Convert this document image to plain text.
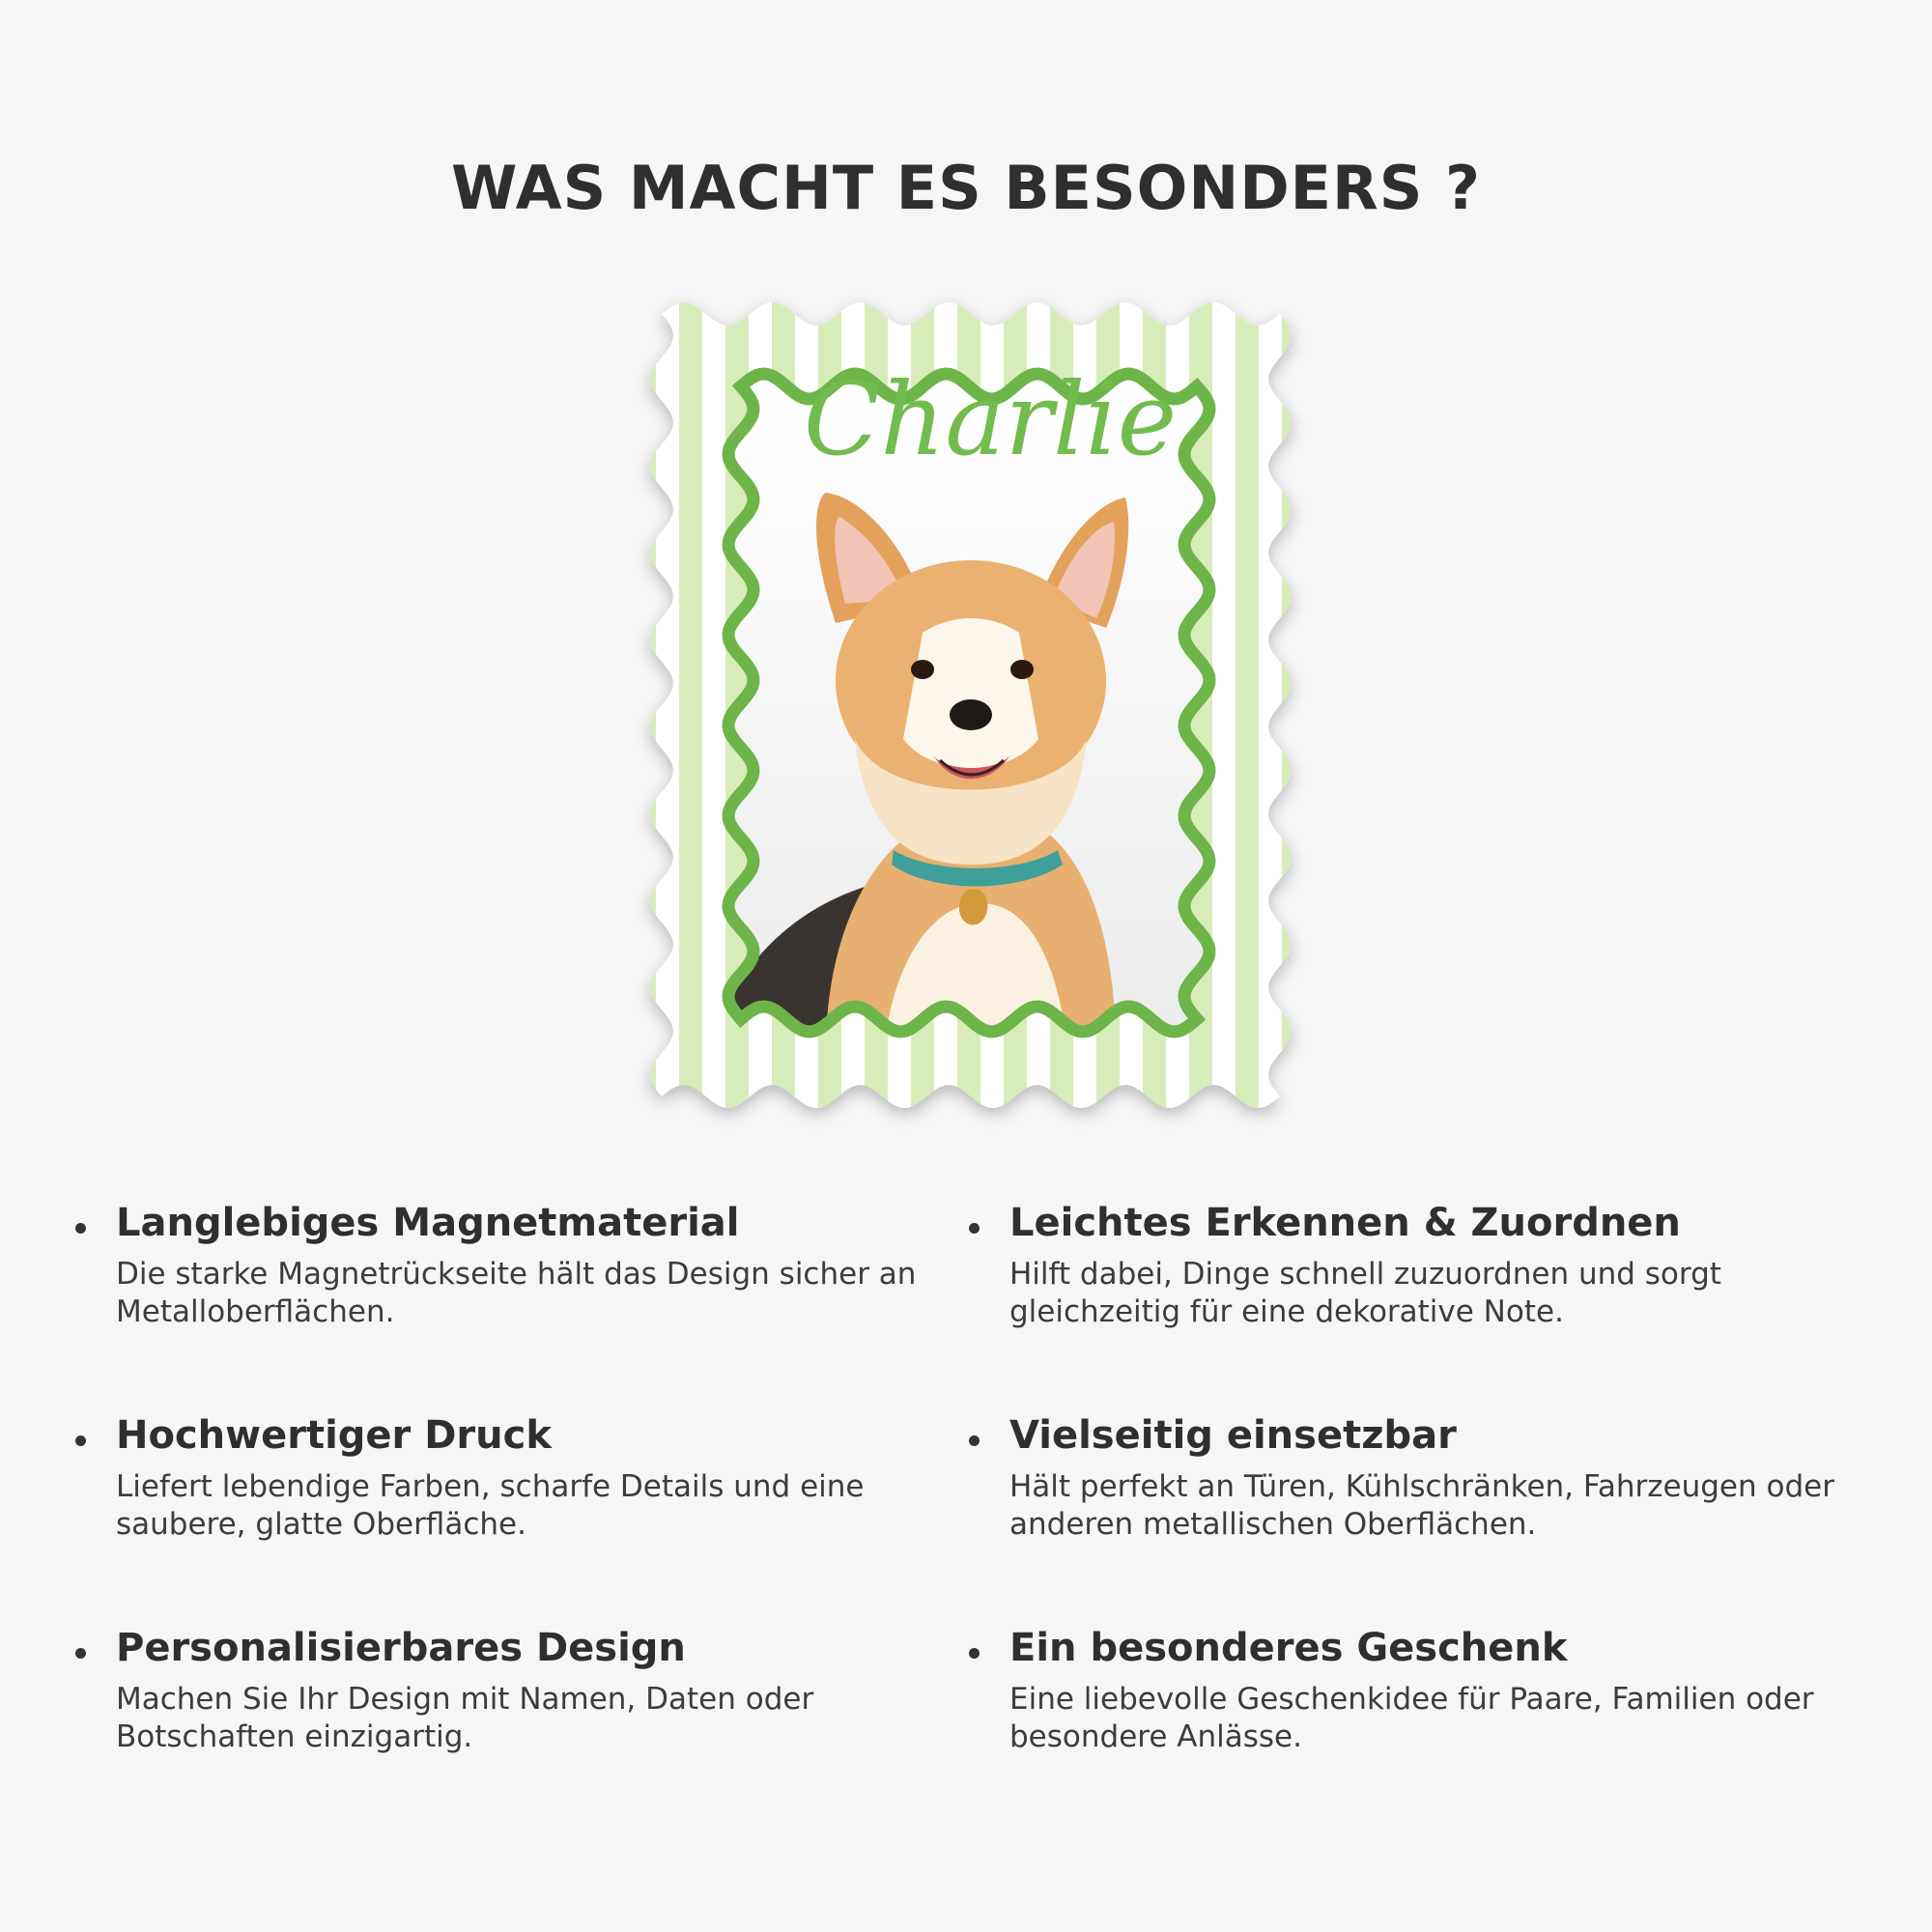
WAS MACHT ES BESONDERS ?
Charlie
Langlebiges Magnetmaterial
Die starke Magnetrückseite hält das Design sicher an Metalloberflächen.
Leichtes Erkennen & Zuordnen
Hilft dabei, Dinge schnell zuzuordnen und sorgt gleichzeitig für eine dekorative Note.
Hochwertiger Druck
Liefert lebendige Farben, scharfe Details und eine saubere, glatte Oberfläche.
Vielseitig einsetzbar
Hält perfekt an Türen, Kühlschränken, Fahrzeugen oder anderen metallischen Oberflächen.
Personalisierbares Design
Machen Sie Ihr Design mit Namen, Daten oder Botschaften einzigartig.
Ein besonderes Geschenk
Eine liebevolle Geschenkidee für Paare, Familien oder besondere Anlässe.
